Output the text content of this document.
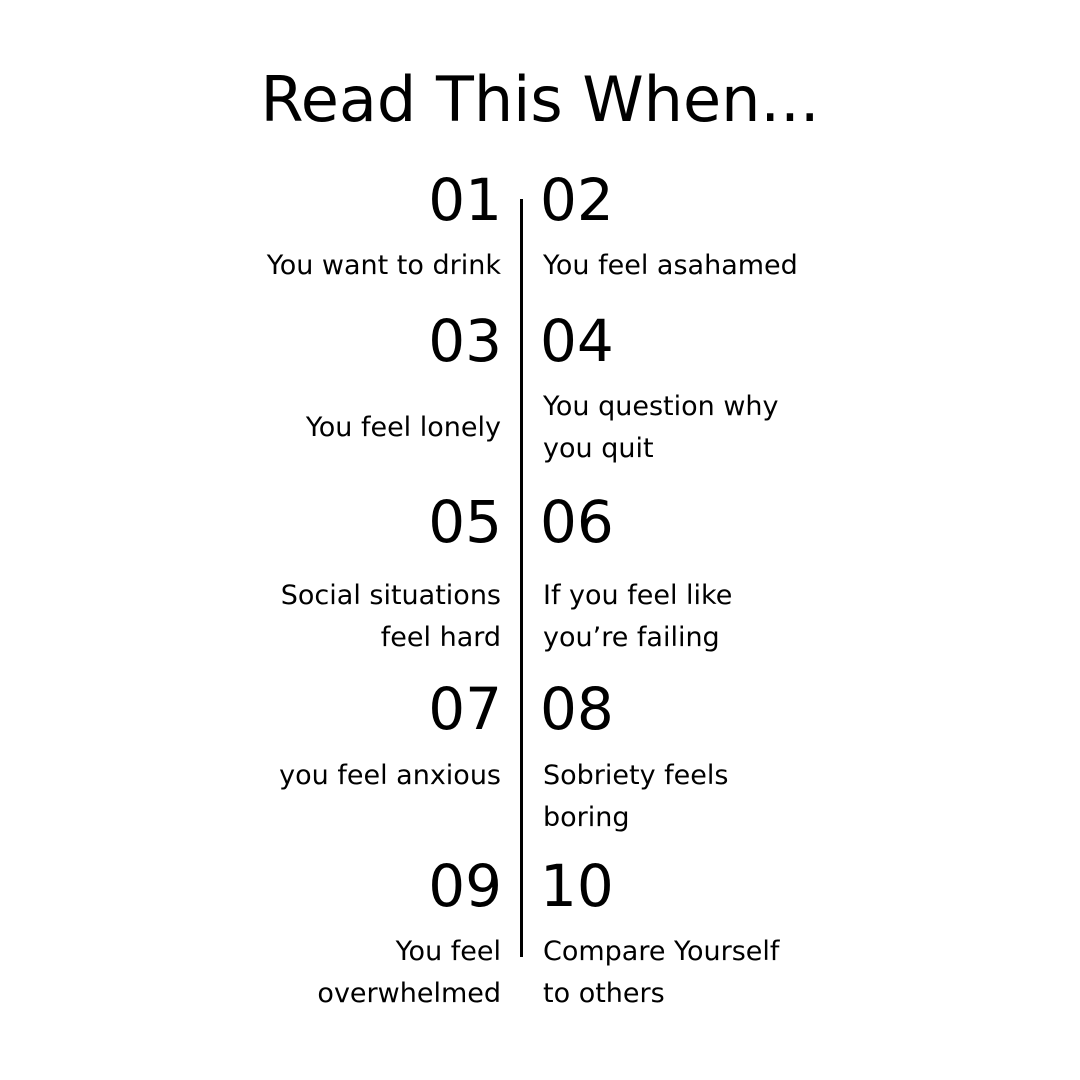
Read This When...
01 02
You want to drink You feel asahamed
03 04
You feel lonely
You question why
you quit
05 06
Social situations
feel hard
If you feel like
you’re failing
07 08
you feel anxious Sobriety feels
boring
09 10
You feel
overwhelmed
Compare Yourself
to others
